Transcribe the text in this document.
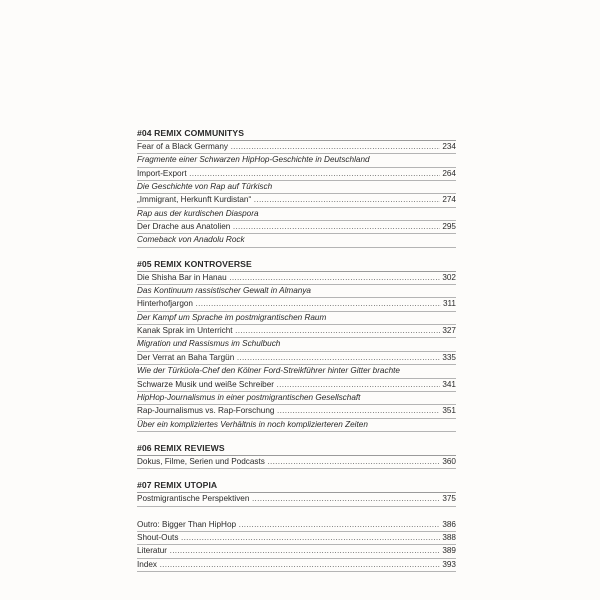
#04 REMIX COMMUNITYS
Fear of a Black Germany .....	234
Fragmente einer Schwarzen HipHop-Geschichte in Deutschland
Import-Export .....	264
Die Geschichte von Rap auf Türkisch
„Immigrant, Herkunft Kurdistan“ .....	274
Rap aus der kurdischen Diaspora
Der Drache aus Anatolien .....	295
Comeback von Anadolu Rock
#05 REMIX KONTROVERSE
Die Shisha Bar in Hanau .....	302
Das Kontinuum rassistischer Gewalt in Almanya
Hinterhofjargon .....	311
Der Kampf um Sprache im postmigrantischen Raum
Kanak Sprak im Unterricht .....	327
Migration und Rassismus im Schulbuch
Der Verrat an Baha Targün .....	335
Wie der Türküola-Chef den Kölner Ford-Streikführer hinter Gitter brachte
Schwarze Musik und weiße Schreiber .....	341
HipHop-Journalismus in einer postmigrantischen Gesellschaft
Rap-Journalismus vs. Rap-Forschung .....	351
Über ein kompliziertes Verhältnis in noch komplizierteren Zeiten
#06 REMIX REVIEWS
Dokus, Filme, Serien und Podcasts .....	360
#07 REMIX UTOPIA
Postmigrantische Perspektiven .....	375
Outro: Bigger Than HipHop .....	386
Shout-Outs .....	388
Literatur .....	389
Index .....	393
